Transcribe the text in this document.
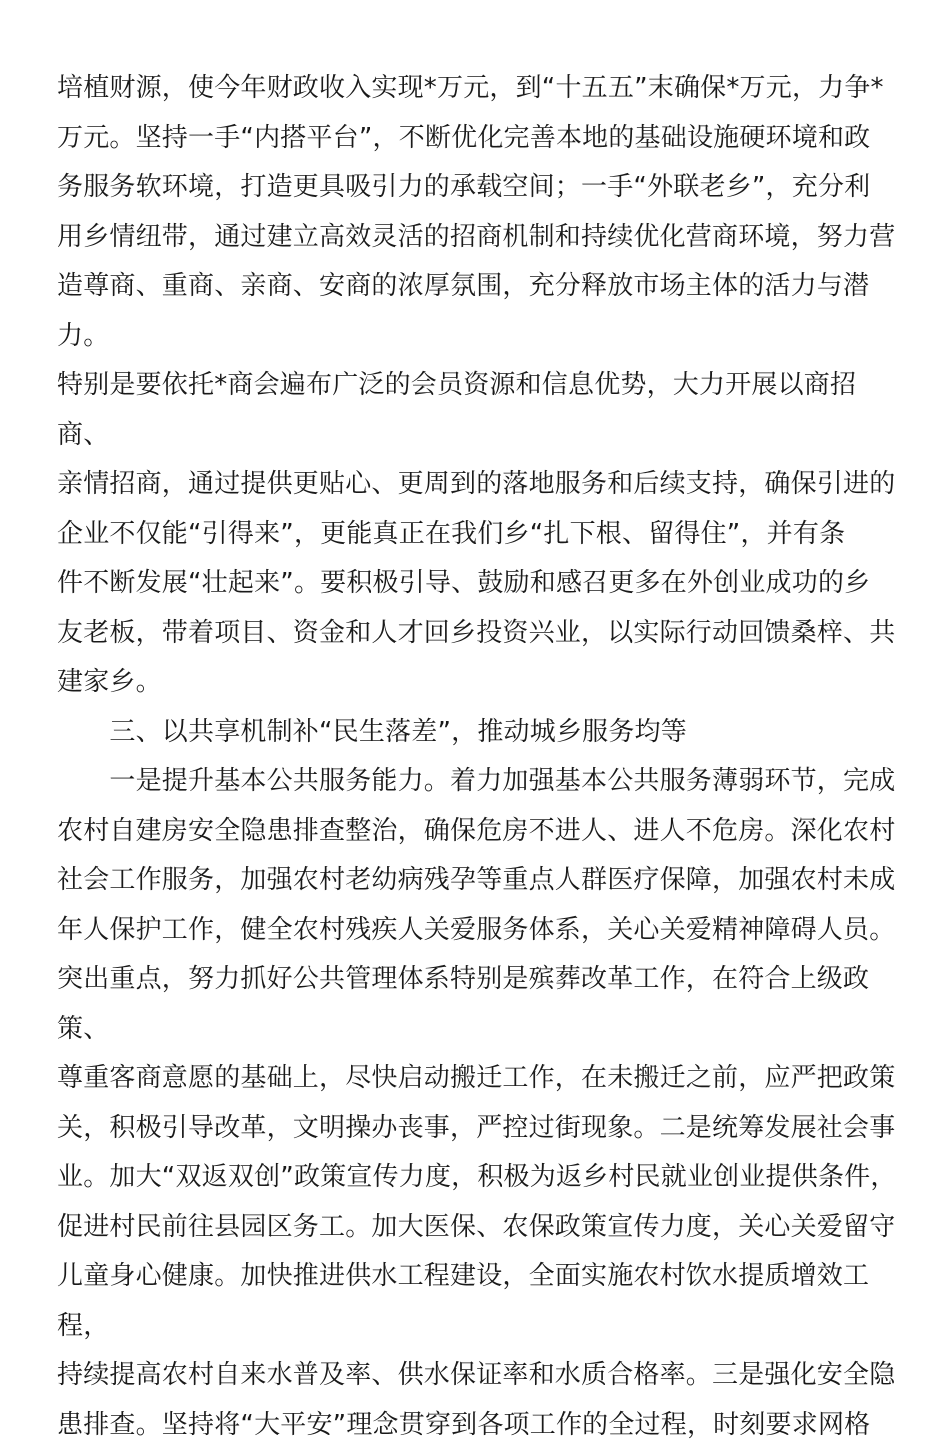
培植财源，使今年财政收入实现*万元，到“十五五”末确保*万元，力争*
万元。坚持一手“内搭平台”，不断优化完善本地的基础设施硬环境和政
务服务软环境，打造更具吸引力的承载空间；一手“外联老乡”，充分利
用乡情纽带，通过建立高效灵活的招商机制和持续优化营商环境，努力营
造尊商、重商、亲商、安商的浓厚氛围，充分释放市场主体的活力与潜力。
特别是要依托*商会遍布广泛的会员资源和信息优势，大力开展以商招商、
亲情招商，通过提供更贴心、更周到的落地服务和后续支持，确保引进的
企业不仅能“引得来”，更能真正在我们乡“扎下根、留得住”，并有条
件不断发展“壮起来”。要积极引导、鼓励和感召更多在外创业成功的乡
友老板，带着项目、资金和人才回乡投资兴业，以实际行动回馈桑梓、共
建家乡。

　　三、以共享机制补“民生落差”，推动城乡服务均等

　　一是提升基本公共服务能力。着力加强基本公共服务薄弱环节，完成
农村自建房安全隐患排查整治，确保危房不进人、进人不危房。深化农村
社会工作服务，加强农村老幼病残孕等重点人群医疗保障，加强农村未成
年人保护工作，健全农村残疾人关爱服务体系，关心关爱精神障碍人员。
突出重点，努力抓好公共管理体系特别是殡葬改革工作，在符合上级政策、
尊重客商意愿的基础上，尽快启动搬迁工作，在未搬迁之前，应严把政策
关，积极引导改革，文明操办丧事，严控过街现象。二是统筹发展社会事
业。加大“双返双创”政策宣传力度，积极为返乡村民就业创业提供条件，
促进村民前往县园区务工。加大医保、农保政策宣传力度，关心关爱留守
儿童身心健康。加快推进供水工程建设，全面实施农村饮水提质增效工程，
持续提高农村自来水普及率、供水保证率和水质合格率。三是强化安全隐
患排查。坚持将“大平安”理念贯穿到各项工作的全过程，时刻要求网格
